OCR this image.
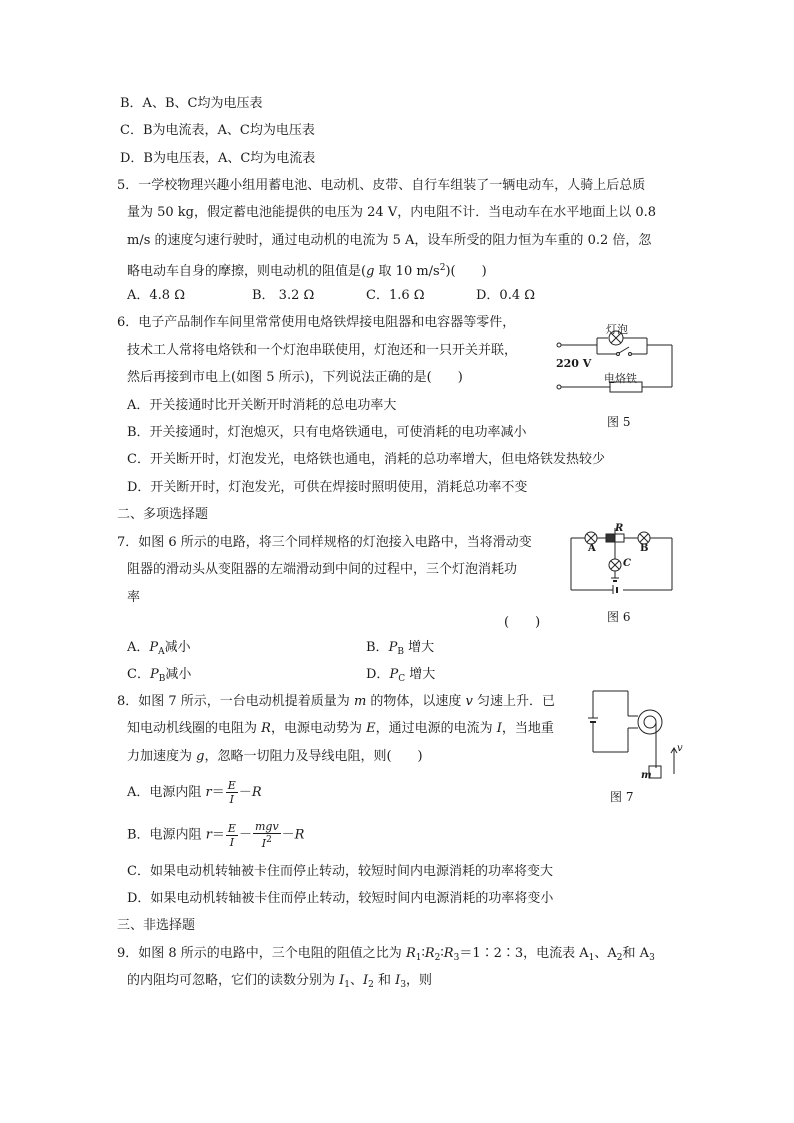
B．A、B、C均为电压表
C．B为电流表，A、C均为电压表
D．B为电压表，A、C均为电流表
5．一学校物理兴趣小组用蓄电池、电动机、皮带、自行车组装了一辆电动车，人骑上后总质
量为 50 kg，假定蓄电池能提供的电压为 24 V，内电阻不计．当电动车在水平地面上以 0.8
m/s 的速度匀速行驶时，通过电动机的电流为 5 A，设车所受的阻力恒为车重的 0.2 倍，忽
略电动车自身的摩擦，则电动机的阻值是(g 取 10 $m/s^2$)(　　)
A．4.8 Ω	B． 3.2 Ω	C．1.6 Ω	D．0.4 Ω
6．电子产品制作车间里常常使用电烙铁焊接电阻器和电容器等零件，
技术工人常将电烙铁和一个灯泡串联使用，灯泡还和一只开关并联，
然后再接到市电上(如图 5 所示)，下列说法正确的是(　　)
A．开关接通时比开关断开时消耗的总电功率大
B．开关接通时，灯泡熄灭，只有电烙铁通电，可使消耗的电功率减小
C．开关断开时，灯泡发光，电烙铁也通电，消耗的总功率增大，但电烙铁发热较少
D．开关断开时，灯泡发光，可供在焊接时照明使用，消耗总功率不变
灯泡
220 V
电烙铁
图 5
二、多项选择题
7．如图 6 所示的电路，将三个同样规格的灯泡接入电路中，当将滑动变
阻器的滑动头从变阻器的左端滑动到中间的过程中，三个灯泡消耗功
率
(　　)
A．$P_A$减小	B．$P_B$ 增大
C．$P_B$减小	D．$P_C$ 增大
R
A	B
C
图 6
8．如图 7 所示，一台电动机提着质量为 m 的物体，以速度 v 匀速上升．已
知电动机线圈的电阻为 R，电源电动势为 E，通过电源的电流为 I，当地重
力加速度为 g，忽略一切阻力及导线电阻，则(　　)
A．电源内阻 $r= \frac{E}{I} -R$
B．电源内阻 $r= \frac{E}{I} - \frac{\text{mgv}}{I^2} -R$
C．如果电动机转轴被卡住而停止转动，较短时间内电源消耗的功率将变大
D．如果电动机转轴被卡住而停止转动，较短时间内电源消耗的功率将变小
v
m
图 7
三、非选择题
9．如图 8 所示的电路中，三个电阻的阻值之比为 $R_1∶R_2∶R_3=1∶2∶3$，电流表 $A_1$、$A_2$和 $A_3$
的内阻均可忽略，它们的读数分别为 $I_1$、$I_2$ 和 $I_3$，则
